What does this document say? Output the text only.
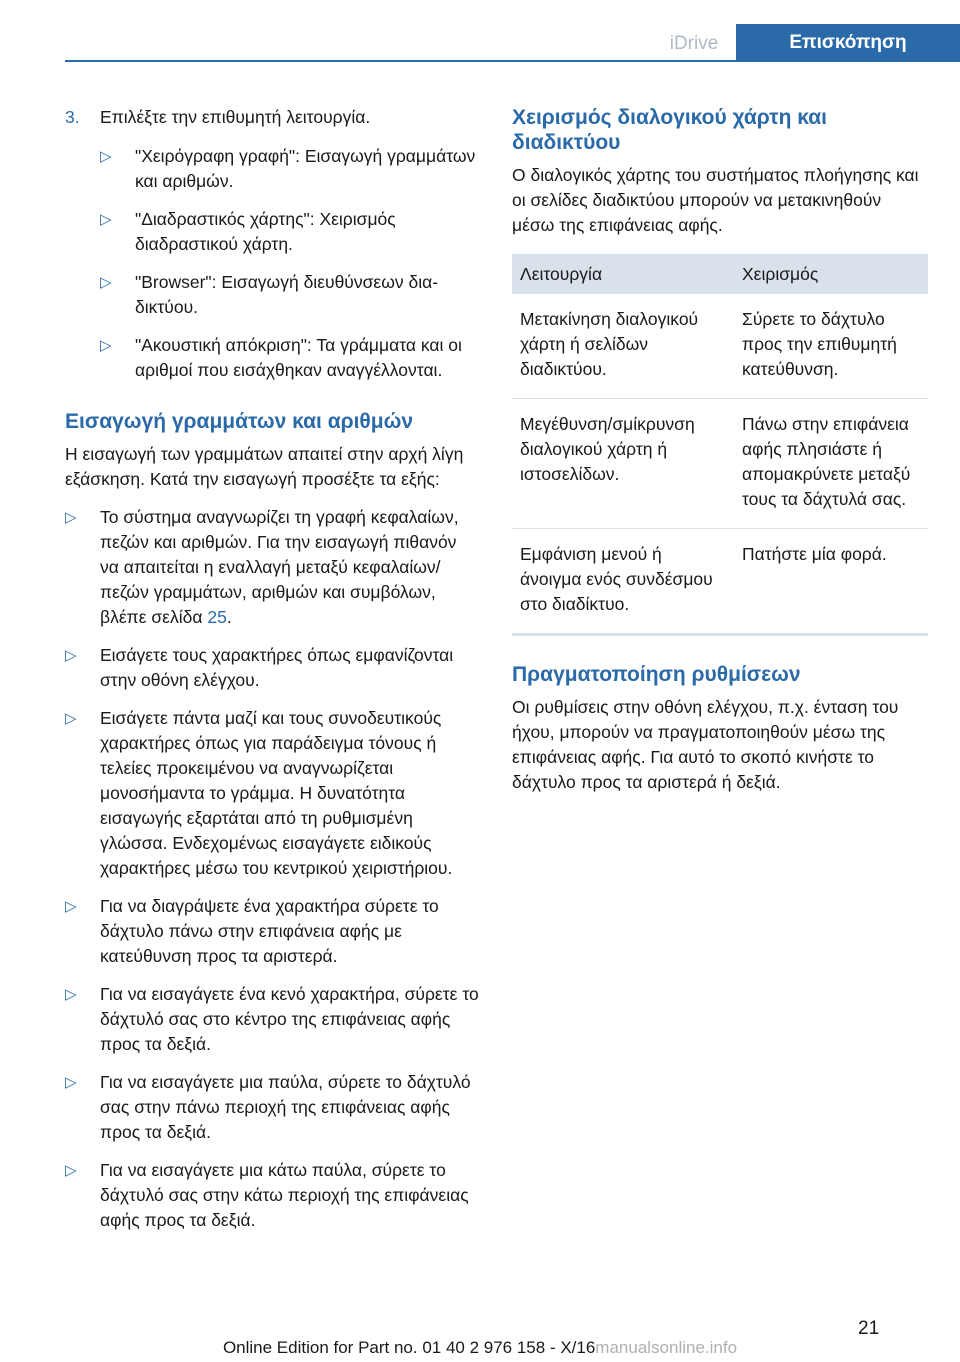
iDrive	Επισκόπηση
3.	Επιλέξτε την επιθυμητή λειτουργία.
▷	"Χειρόγραφη γραφή": Εισαγωγή γραμμάτων και αριθμών.
▷	"Διαδραστικός χάρτης": Χειρισμός διαδραστικού χάρτη.
▷	"Browser": Εισαγωγή διευθύνσεων διαδικτύου.
▷	"Ακουστική απόκριση": Τα γράμματα και οι αριθμοί που εισάχθηκαν αναγγέλλονται.
Εισαγωγή γραμμάτων και αριθμών

Η εισαγωγή των γραμμάτων απαιτεί στην αρχή λίγη εξάσκηση. Κατά την εισαγωγή προσέξτε τα εξής:

▷	Το σύστημα αναγνωρίζει τη γραφή κεφαλαίων, πεζών και αριθμών. Για την εισαγωγή πιθανόν να απαιτείται η εναλλαγή μεταξύ κεφαλαίων/πεζών γραμμάτων, αριθμών και συμβόλων, βλέπε σελίδα 25.
▷	Εισάγετε τους χαρακτήρες όπως εμφανίζονται στην οθόνη ελέγχου.
▷	Εισάγετε πάντα μαζί και τους συνοδευτικούς χαρακτήρες όπως για παράδειγμα τόνους ή τελείες προκειμένου να αναγνωρίζεται μονοσήμαντα το γράμμα. Η δυνατότητα εισαγωγής εξαρτάται από τη ρυθμισμένη γλώσσα. Ενδεχομένως εισαγάγετε ειδικούς χαρακτήρες μέσω του κεντρικού χειριστήριου.
▷	Για να διαγράψετε ένα χαρακτήρα σύρετε το δάχτυλο πάνω στην επιφάνεια αφής με κατεύθυνση προς τα αριστερά.
▷	Για να εισαγάγετε ένα κενό χαρακτήρα, σύρετε το δάχτυλό σας στο κέντρο της επιφάνειας αφής προς τα δεξιά.
▷	Για να εισαγάγετε μια παύλα, σύρετε το δάχτυλό σας στην πάνω περιοχή της επιφάνειας αφής προς τα δεξιά.
▷	Για να εισαγάγετε μια κάτω παύλα, σύρετε το δάχτυλό σας στην κάτω περιοχή της επιφάνειας αφής προς τα δεξιά.
Χειρισμός διαλογικού χάρτη και διαδικτύου

Ο διαλογικός χάρτης του συστήματος πλοήγησης και οι σελίδες διαδικτύου μπορούν να μετακινηθούν μέσω της επιφάνειας αφής.

Λειτουργία	Χειρισμός
Μετακίνηση διαλογικού χάρτη ή σελίδων διαδικτύου.	Σύρετε το δάχτυλο προς την επιθυμητή κατεύθυνση.
Μεγέθυνση/σμίκρυνση διαλογικού χάρτη ή ιστοσελίδων.	Πάνω στην επιφάνεια αφής πλησιάστε ή απομακρύνετε μεταξύ τους τα δάχτυλά σας.
Εμφάνιση μενού ή άνοιγμα ενός συνδέσμου στο διαδίκτυο.	Πατήστε μία φορά.
Πραγματοποίηση ρυθμίσεων

Οι ρυθμίσεις στην οθόνη ελέγχου, π.χ. ένταση του ήχου, μπορούν να πραγματοποιηθούν μέσω της επιφάνειας αφής. Για αυτό το σκοπό κινήστε το δάχτυλο προς τα αριστερά ή δεξιά.

21
Online Edition for Part no. 01 40 2 976 158 - X/16manualsonline.info
